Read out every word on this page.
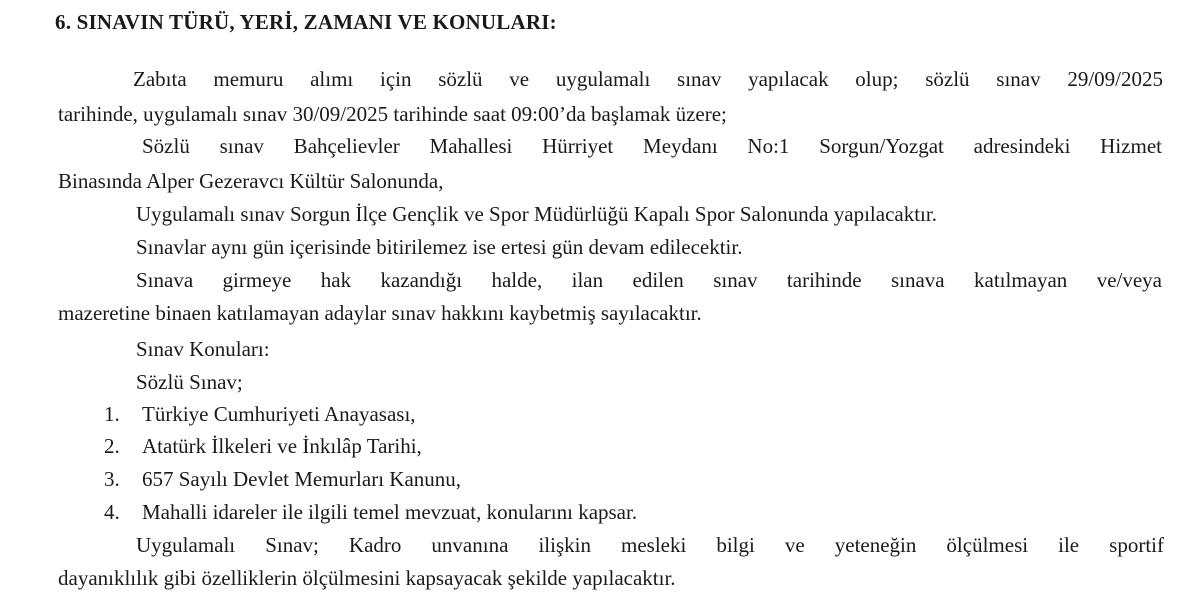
6. SINAVIN TÜRÜ, YERİ, ZAMANI VE KONULARI:
Zabıta memuru alımı için sözlü ve uygulamalı sınav yapılacak olup; sözlü sınav 29/09/2025
tarihinde, uygulamalı sınav 30/09/2025 tarihinde saat 09:00’da başlamak üzere;
Sözlü sınav Bahçelievler Mahallesi Hürriyet Meydanı No:1 Sorgun/Yozgat adresindeki Hizmet
Binasında Alper Gezeravcı Kültür Salonunda,
Uygulamalı sınav Sorgun İlçe Gençlik ve Spor Müdürlüğü Kapalı Spor Salonunda yapılacaktır.
Sınavlar aynı gün içerisinde bitirilemez ise ertesi gün devam edilecektir.
Sınava girmeye hak kazandığı halde, ilan edilen sınav tarihinde sınava katılmayan ve/veya
mazeretine binaen katılamayan adaylar sınav hakkını kaybetmiş sayılacaktır.
Sınav Konuları:
Sözlü Sınav;
1. Türkiye Cumhuriyeti Anayasası,
2. Atatürk İlkeleri ve İnkılâp Tarihi,
3. 657 Sayılı Devlet Memurları Kanunu,
4. Mahalli idareler ile ilgili temel mevzuat, konularını kapsar.
Uygulamalı Sınav; Kadro unvanına ilişkin mesleki bilgi ve yeteneğin ölçülmesi ile sportif
dayanıklılık gibi özelliklerin ölçülmesini kapsayacak şekilde yapılacaktır.
